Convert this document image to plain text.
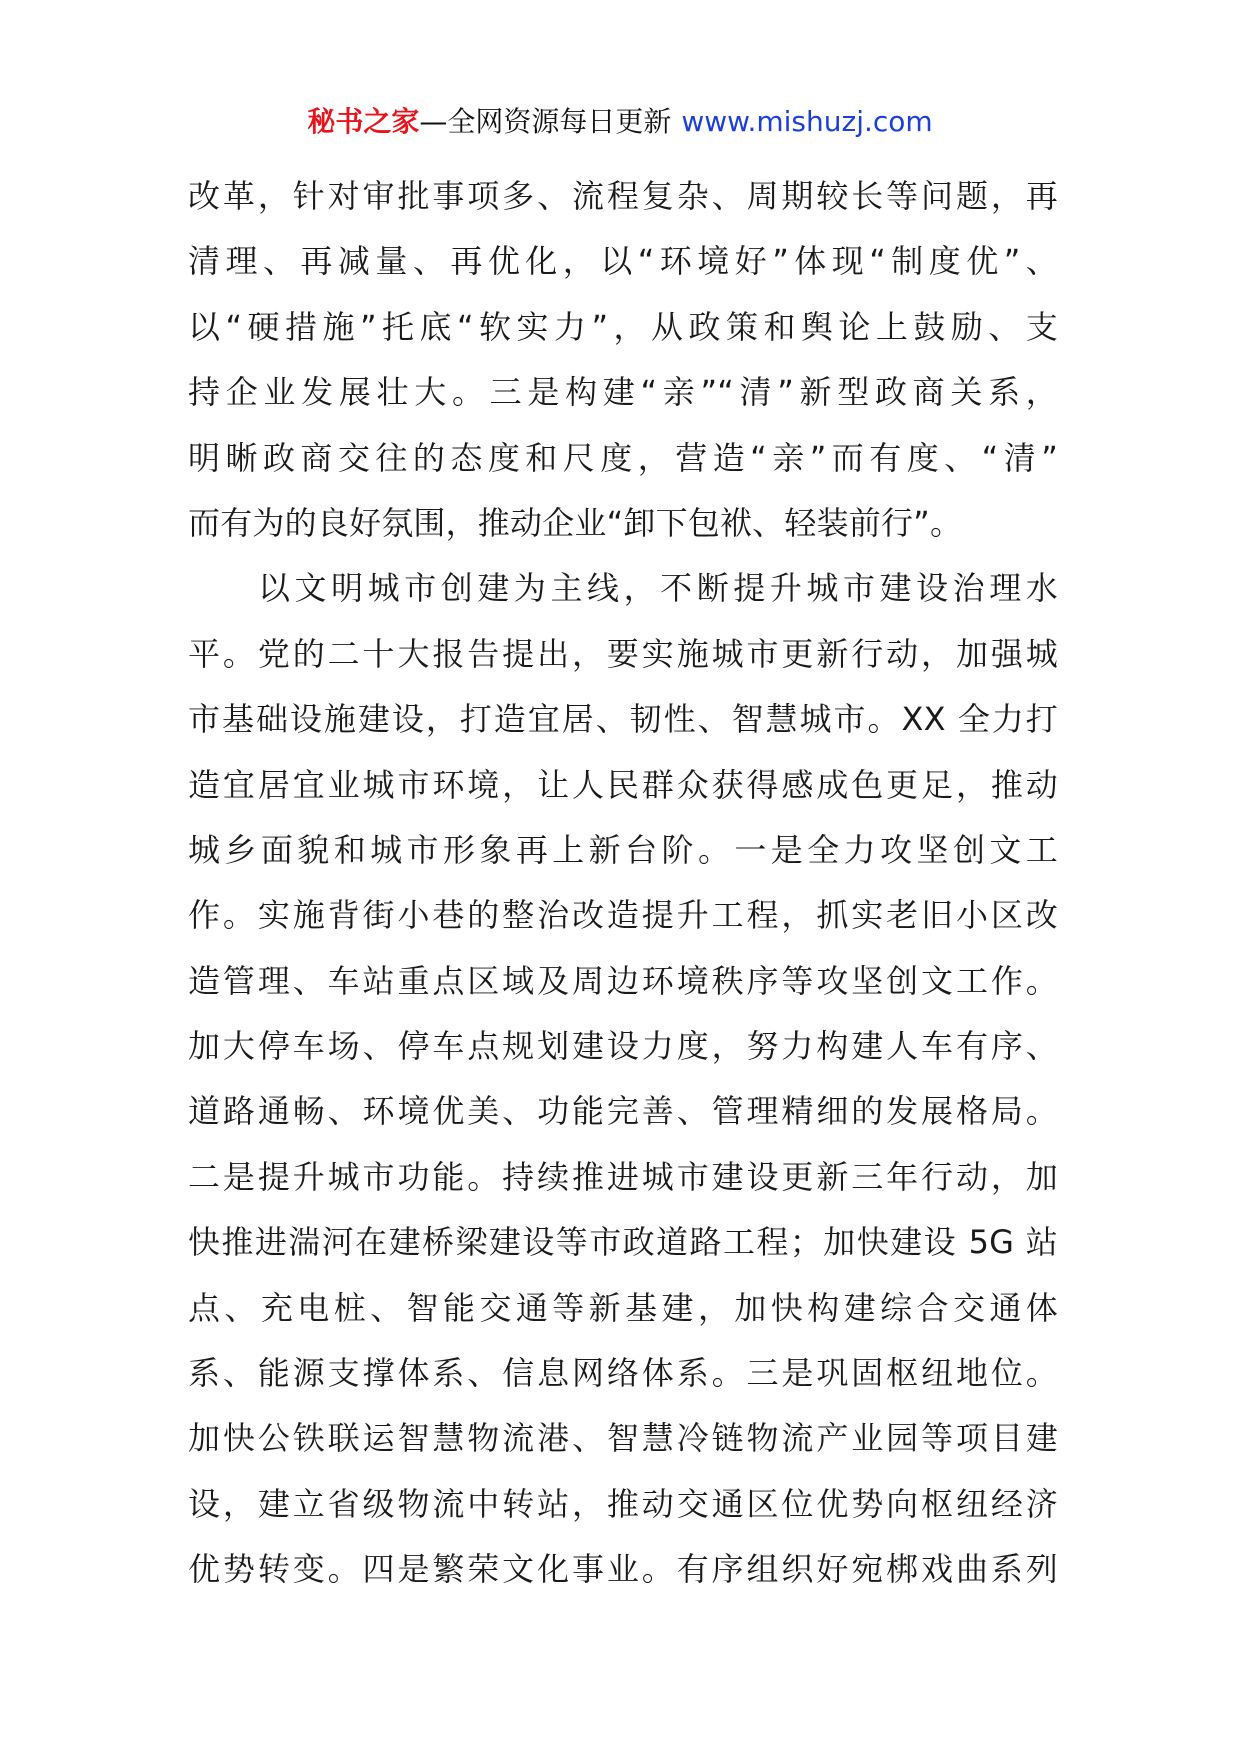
秘书之家—全网资源每日更新 www.mishuzj.com
改革，针对审批事项多、流程复杂、周期较长等问题，再
清理、再减量、再优化，以“环境好”体现“制度优”、
以“硬措施”托底“软实力”，从政策和舆论上鼓励、支
持企业发展壮大。三是构建“亲”“清”新型政商关系，
明晰政商交往的态度和尺度，营造“亲”而有度、“清”
而有为的良好氛围，推动企业“卸下包袱、轻装前行”。
以文明城市创建为主线，不断提升城市建设治理水
平。党的二十大报告提出，要实施城市更新行动，加强城
市基础设施建设，打造宜居、韧性、智慧城市。XX 全力打
造宜居宜业城市环境，让人民群众获得感成色更足，推动
城乡面貌和城市形象再上新台阶。一是全力攻坚创文工
作。实施背街小巷的整治改造提升工程，抓实老旧小区改
造管理、车站重点区域及周边环境秩序等攻坚创文工作。
加大停车场、停车点规划建设力度，努力构建人车有序、
道路通畅、环境优美、功能完善、管理精细的发展格局。
二是提升城市功能。持续推进城市建设更新三年行动，加
快推进湍河在建桥梁建设等市政道路工程；加快建设 5G 站
点、充电桩、智能交通等新基建，加快构建综合交通体
系、能源支撑体系、信息网络体系。三是巩固枢纽地位。
加快公铁联运智慧物流港、智慧冷链物流产业园等项目建
设，建立省级物流中转站，推动交通区位优势向枢纽经济
优势转变。四是繁荣文化事业。有序组织好宛梆戏曲系列
